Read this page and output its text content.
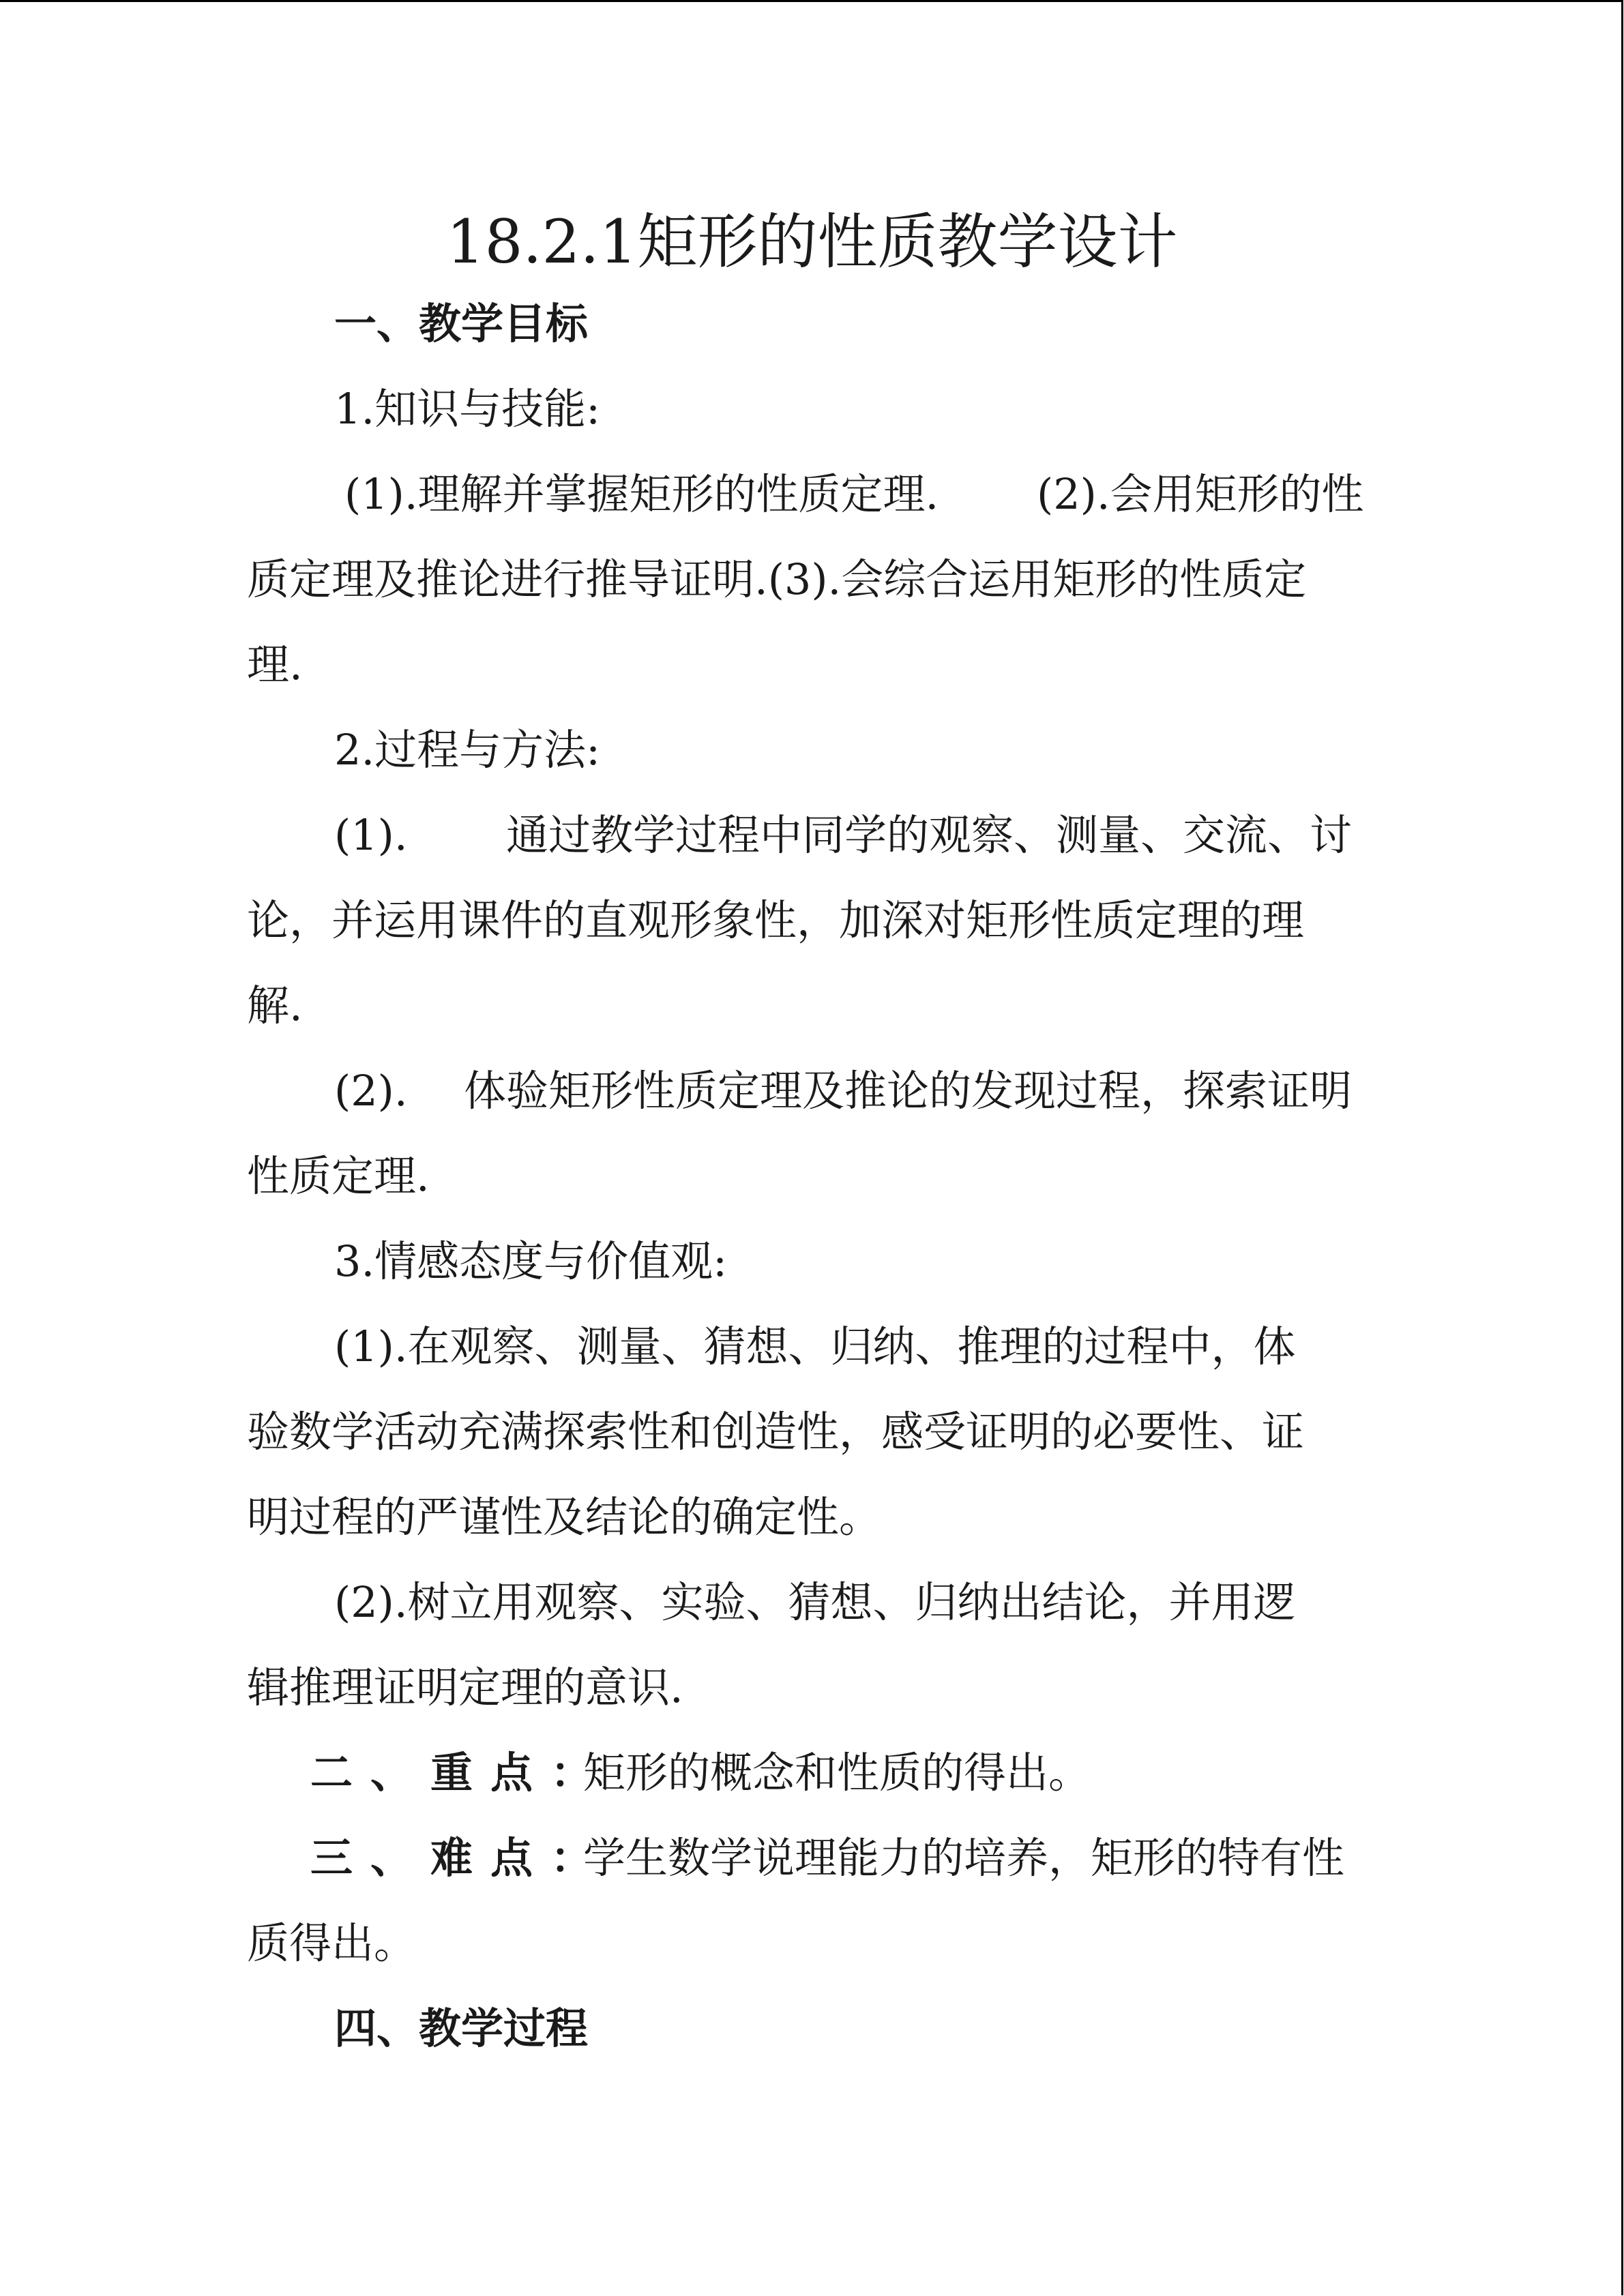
18.2.1矩形的性质教学设计
一、教学目标
1.知识与技能:
(1).理解并掌握矩形的性质定理. (2).会用矩形的性
质定理及推论进行推导证明.(3).会综合运用矩形的性质定
理.
2.过程与方法:
(1). 通过教学过程中同学的观察、测量、交流、讨
论，并运用课件的直观形象性，加深对矩形性质定理的理
解.
(2). 体验矩形性质定理及推论的发现过程，探索证明
性质定理.
3.情感态度与价值观:
(1).在观察、测量、猜想、归纳、推理的过程中，体
验数学活动充满探索性和创造性，感受证明的必要性、证
明过程的严谨性及结论的确定性。
(2).树立用观察、实验、猜想、归纳出结论，并用逻
辑推理证明定理的意识.
二、重点：
矩形的概念和性质的得出。
三、难点：
学生数学说理能力的培养，矩形的特有性
质得出。
四、教学过程
